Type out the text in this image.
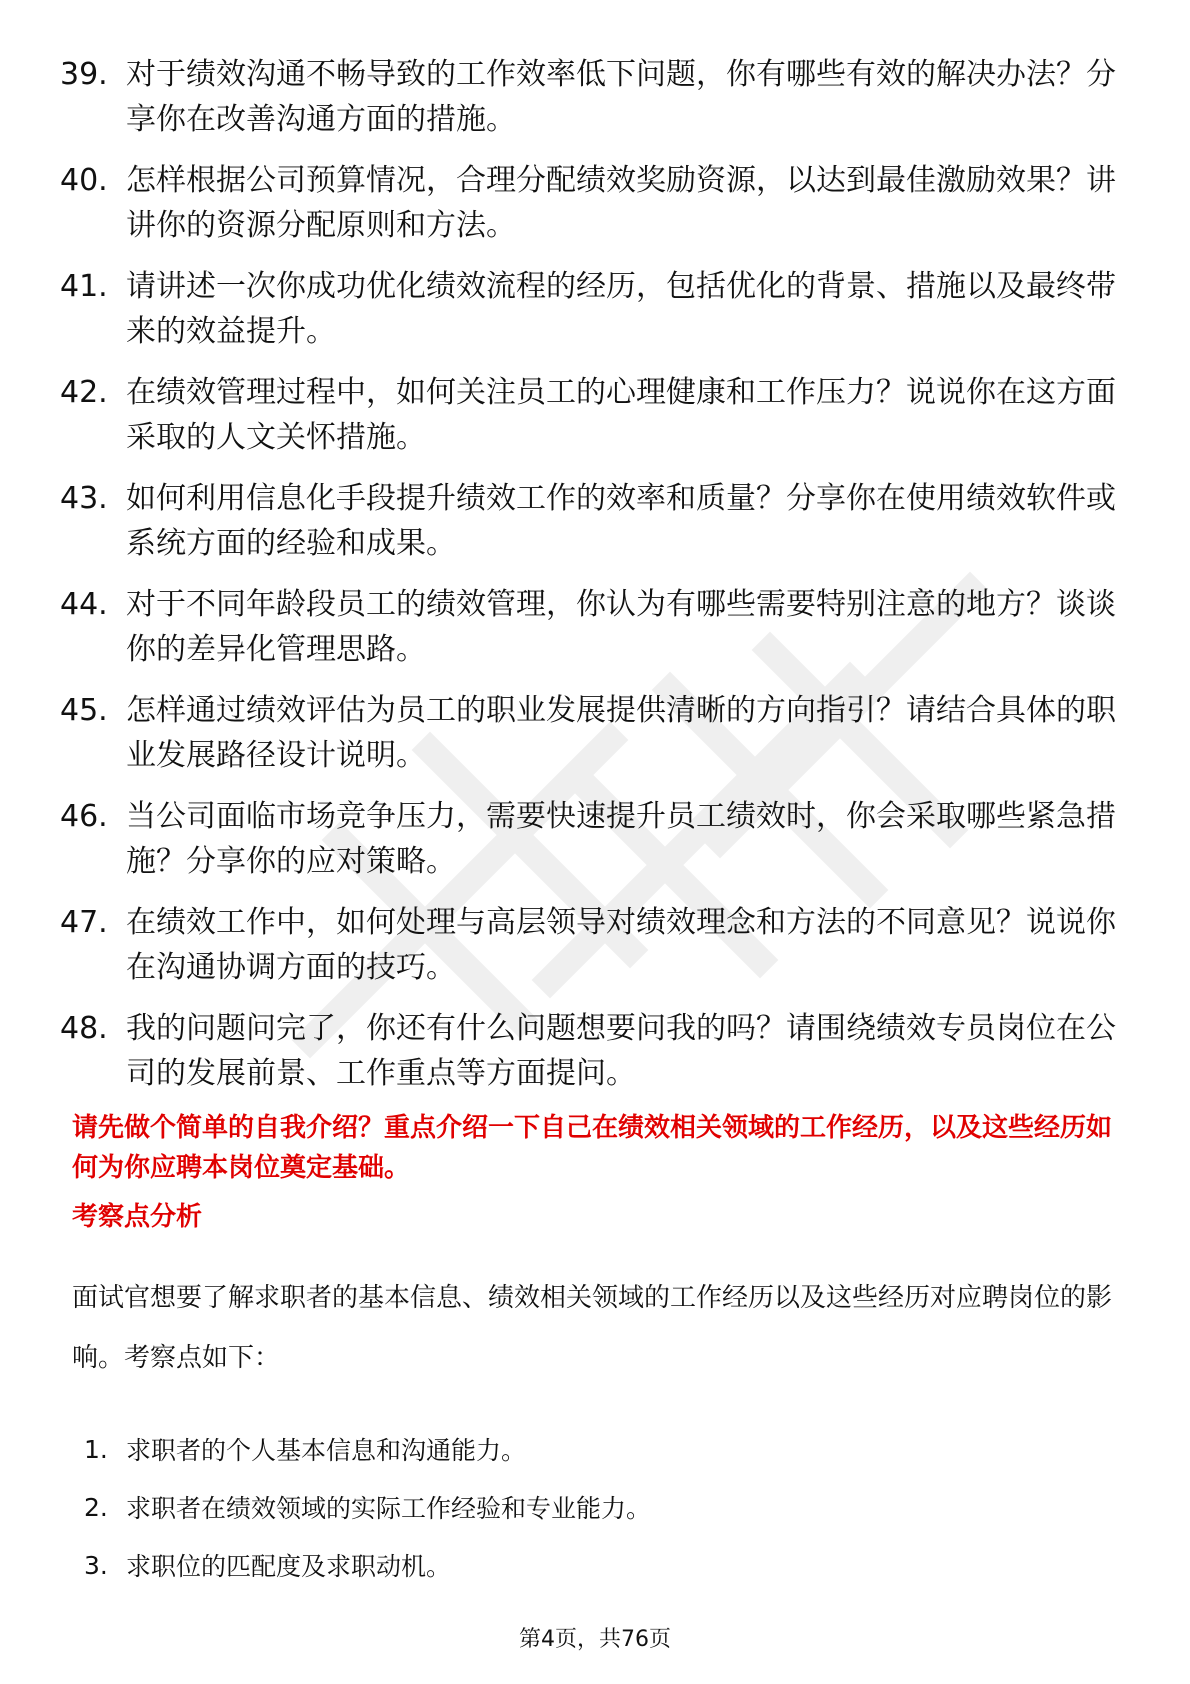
39. 对于绩效沟通不畅导致的工作效率低下问题，你有哪些有效的解决办法？分享你在改善沟通方面的措施。
40. 怎样根据公司预算情况，合理分配绩效奖励资源，以达到最佳激励效果？讲讲你的资源分配原则和方法。
41. 请讲述一次你成功优化绩效流程的经历，包括优化的背景、措施以及最终带来的效益提升。
42. 在绩效管理过程中，如何关注员工的心理健康和工作压力？说说你在这方面采取的人文关怀措施。
43. 如何利用信息化手段提升绩效工作的效率和质量？分享你在使用绩效软件或系统方面的经验和成果。
44. 对于不同年龄段员工的绩效管理，你认为有哪些需要特别注意的地方？谈谈你的差异化管理思路。
45. 怎样通过绩效评估为员工的职业发展提供清晰的方向指引？请结合具体的职业发展路径设计说明。
46. 当公司面临市场竞争压力，需要快速提升员工绩效时，你会采取哪些紧急措施？分享你的应对策略。
47. 在绩效工作中，如何处理与高层领导对绩效理念和方法的不同意见？说说你在沟通协调方面的技巧。
48. 我的问题问完了，你还有什么问题想要问我的吗？请围绕绩效专员岗位在公司的发展前景、工作重点等方面提问。

请先做个简单的自我介绍？重点介绍一下自己在绩效相关领域的工作经历，以及这些经历如何为你应聘本岗位奠定基础。

考察点分析

面试官想要了解求职者的基本信息、绩效相关领域的工作经历以及这些经历对应聘岗位的影响。考察点如下：

1. 求职者的个人基本信息和沟通能力。
2. 求职者在绩效领域的实际工作经验和专业能力。
3. 求职位的匹配度及求职动机。
第4页，共76页
